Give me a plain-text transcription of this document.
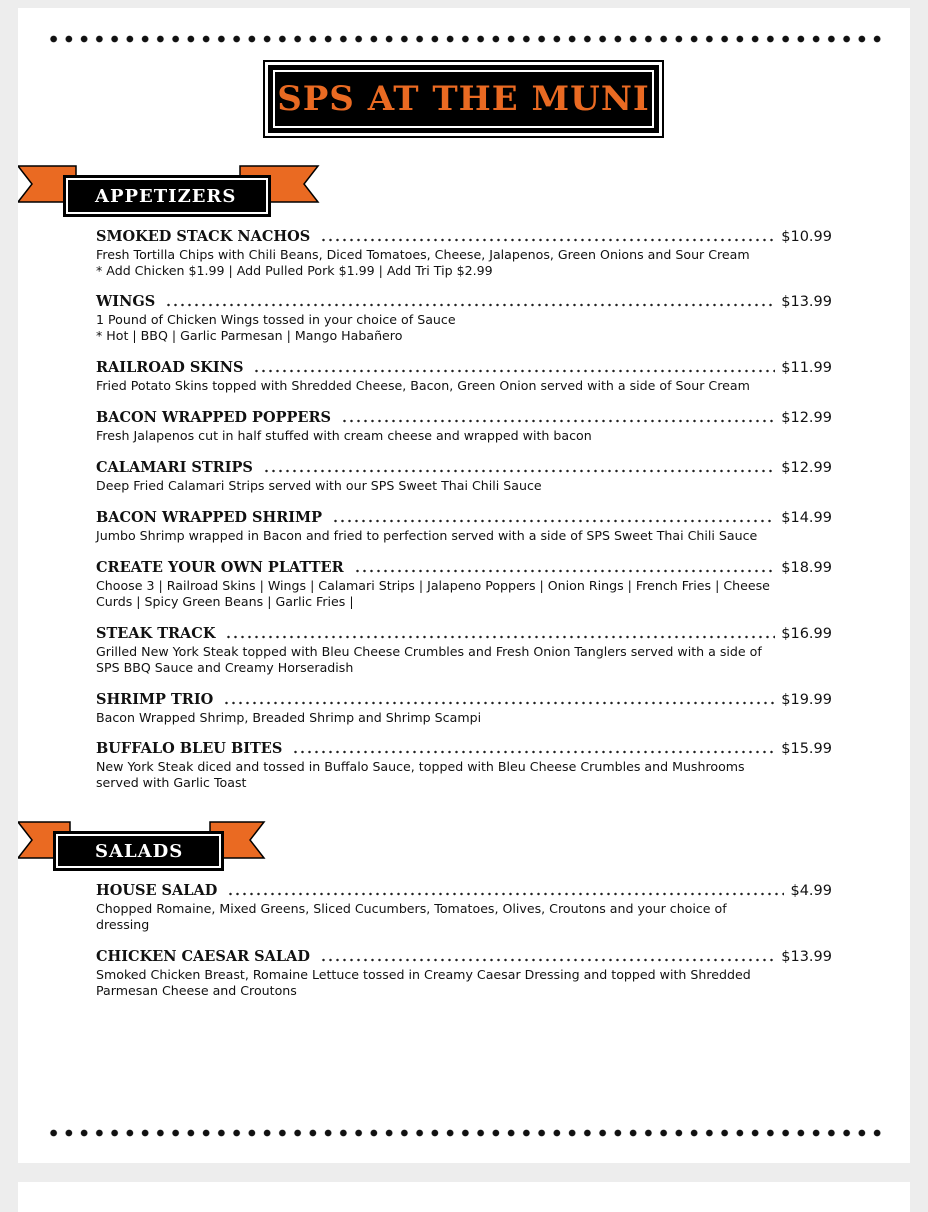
SPS AT THE MUNI
APPETIZERS
SMOKED STACK NACHOS	$10.99
Fresh Tortilla Chips with Chili Beans, Diced Tomatoes, Cheese, Jalapenos, Green Onions and Sour Cream
* Add Chicken $1.99 | Add Pulled Pork $1.99 | Add Tri Tip $2.99
WINGS	$13.99
1 Pound of Chicken Wings tossed in your choice of Sauce
* Hot | BBQ | Garlic Parmesan | Mango Habañero
RAILROAD SKINS	$11.99
Fried Potato Skins topped with Shredded Cheese, Bacon, Green Onion served with a side of Sour Cream
BACON WRAPPED POPPERS	$12.99
Fresh Jalapenos cut in half stuffed with cream cheese and wrapped with bacon
CALAMARI STRIPS	$12.99
Deep Fried Calamari Strips served with our SPS Sweet Thai Chili Sauce
BACON WRAPPED SHRIMP	$14.99
Jumbo Shrimp wrapped in Bacon and fried to perfection served with a side of SPS Sweet Thai Chili Sauce
CREATE YOUR OWN PLATTER	$18.99
Choose 3 | Railroad Skins | Wings | Calamari Strips | Jalapeno Poppers | Onion Rings | French Fries | Cheese
Curds | Spicy Green Beans | Garlic Fries |
STEAK TRACK	$16.99
Grilled New York Steak topped with Bleu Cheese Crumbles and Fresh Onion Tanglers served with a side of
SPS BBQ Sauce and Creamy Horseradish
SHRIMP TRIO	$19.99
Bacon Wrapped Shrimp, Breaded Shrimp and Shrimp Scampi
BUFFALO BLEU BITES	$15.99
New York Steak diced and tossed in Buffalo Sauce, topped with Bleu Cheese Crumbles and Mushrooms
served with Garlic Toast
SALADS
HOUSE SALAD	$4.99
Chopped Romaine, Mixed Greens, Sliced Cucumbers, Tomatoes, Olives, Croutons and your choice of
dressing
CHICKEN CAESAR SALAD	$13.99
Smoked Chicken Breast, Romaine Lettuce tossed in Creamy Caesar Dressing and topped with Shredded
Parmesan Cheese and Croutons
